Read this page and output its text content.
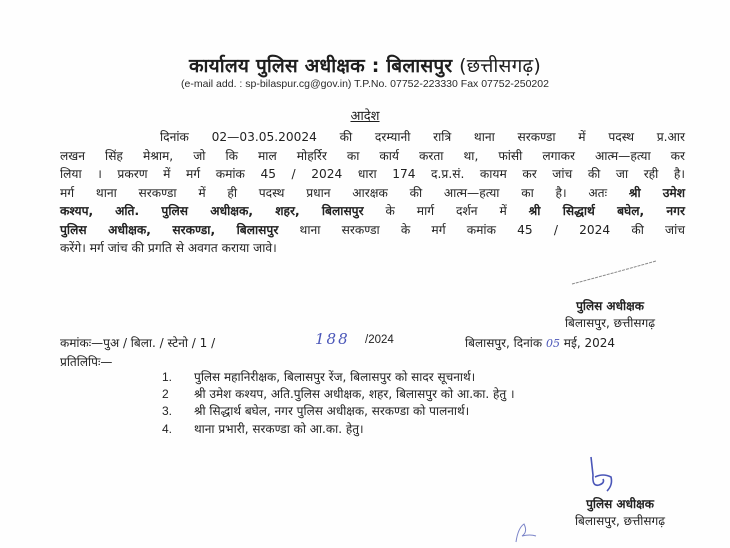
कार्यालय पुलिस अधीक्षक : बिलासपुर (छत्तीसगढ़)
(e-mail add. : sp-bilaspur.cg@gov.in) T.P.No. 07752-223330 Fax 07752-250202
आदेश
दिनांक 02—03.05.20024 की दरम्यानी रात्रि थाना सरकण्डा में पदस्थ प्र.आर
लखन सिंह मेश्राम, जो कि माल मोहर्रिर का कार्य करता था, फांसी लगाकर आत्म—हत्या कर
लिया । प्रकरण में मर्ग कमांक 45 / 2024 धारा 174 द.प्र.सं. कायम कर जांच की जा रही है।
मर्ग थाना सरकण्डा में ही पदस्थ प्रधान आरक्षक की आत्म—हत्या का है। अतः श्री उमेश
कश्यप, अति. पुलिस अधीक्षक, शहर, बिलासपुर के मार्ग दर्शन में श्री सिद्धार्थ बघेल, नगर
पुलिस अधीक्षक, सरकण्डा, बिलासपुर थाना सरकण्डा के मर्ग कमांक 45 / 2024 की जांच
करेंगे। मर्ग जांच की प्रगति से अवगत कराया जावे।
पुलिस अधीक्षक
बिलासपुर, छत्तीसगढ़
कमांकः—पुअ / बिला. / स्टेनो / 1 /	188 /2024	बिलासपुर, दिनांक 05 मई, 2024
प्रतिलिपिः—
1. पुलिस महानिरीक्षक, बिलासपुर रेंज, बिलासपुर को सादर सूचनार्थ।
2 श्री उमेश कश्यप, अति.पुलिस अधीक्षक, शहर, बिलासपुर को आ.का. हेतु ।
3. श्री सिद्धार्थ बघेल, नगर पुलिस अधीक्षक, सरकण्डा को पालनार्थ।
4. थाना प्रभारी, सरकण्डा को आ.का. हेतु।
पुलिस अधीक्षक
बिलासपुर, छत्तीसगढ़
